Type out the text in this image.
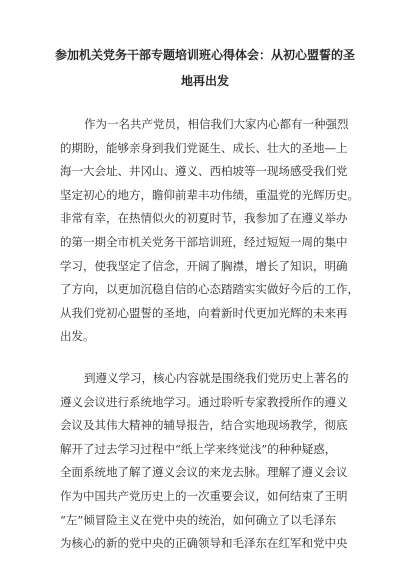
参加机关党务干部专题培训班心得体会：从初心盟誓的圣
地再出发
作为一名共产党员，相信我们大家内心都有一种强烈
的期盼，能够亲身到我们党诞生、成长、壮大的圣地—上
海一大会址、井冈山、遵义、西柏坡等一现场感受我们党
坚定初心的地方，瞻仰前辈丰功伟绩，重温党的光辉历史。
非常有幸，在热情似火的初夏时节，我参加了在遵义举办
的第一期全市机关党务干部培训班，经过短短一周的集中
学习，使我坚定了信念，开阔了胸襟，增长了知识，明确
了方向，以更加沉稳自信的心态踏踏实实做好今后的工作，
从我们党初心盟誓的圣地，向着新时代更加光辉的未来再
出发。
到遵义学习，核心内容就是围绕我们党历史上著名的
遵义会议进行系统地学习。通过聆听专家教授所作的遵义
会议及其伟大精神的辅导报告，结合实地现场教学，彻底
解开了过去学习过程中“纸上学来终觉浅”的种种疑惑，
全面系统地了解了遵义会议的来龙去脉。理解了遵义会议
作为中国共产党历史上的一次重要会议，如何结束了王明
“左”倾冒险主义在党中央的统治，如何确立了以毛泽东
为核心的新的党中央的正确领导和毛泽东在红军和党中央
